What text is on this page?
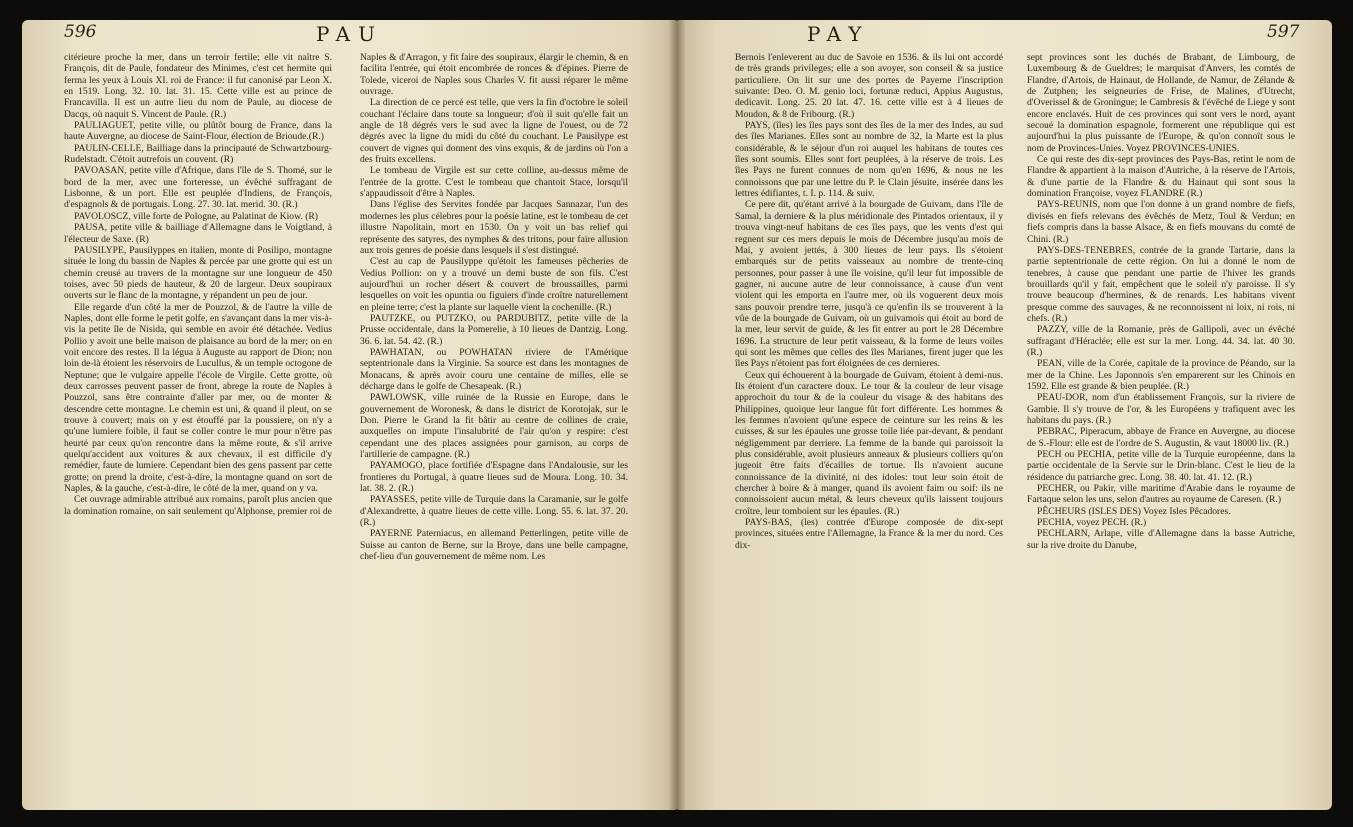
596	PAU	PAY	597

citérieure proche la mer, dans un terroir fertile; elle vit naître S. François, dit de Paule, fondateur des Minimes, c'est cet hermite qui ferma les yeux à Louis XI. roi de France: il fut canonisé par Leon X. en 1519. Long. 32. 10. lat. 31. 15. Cette ville est au prince de Francavilla. Il est un autre lieu du nom de Paule, au diocese de Dacqs, où naquit S. Vincent de Paule. (R.)

PAULIAGUET, petite ville, ou plûtôt bourg de France, dans la haute Auvergne, au diocese de Saint-Flour, élection de Brioude.(R.)

PAULIN-CELLE, Bailliage dans la principauté de Schwartzbourg-Rudelstadt. C'étoit autrefois un couvent. (R)

PAVOASAN, petite ville d'Afrique, dans l'île de S. Thomé, sur le bord de la mer, avec une forteresse, un évêché suffragant de Lisbonne, & un port. Elle est peuplée d'Indiens, de François, d'espagnols & de portugais. Long. 27. 30. lat. merid. 30. (R.)

PAVOLOSCZ, ville forte de Pologne, au Palatinat de Kiow. (R)

PAUSA, petite ville & bailliage d'Allemagne dans le Voigtland, à l'électeur de Saxe. (R)

PAUSILYPE, Pausilyppes en italien, monte di Posilipo, montagne située le long du bassin de Naples & percée par une grotte qui est un chemin creusé au travers de la montagne sur une longueur de 450 toises, avec 50 pieds de hauteur, & 20 de largeur. Deux soupiraux ouverts sur le flanc de la montagne, y répandent un peu de jour.

Elle regarde d'un côté la mer de Pouzzol, & de l'autre la ville de Naples, dont elle forme le petit golfe, en s'avançant dans la mer vis-à-vis la petite île de Nisida, qui semble en avoir été détachée. Vedius Pollio y avoit une belle maison de plaisance au bord de la mer; on en voit encore des restes. Il la légua à Auguste au rapport de Dion; non loin de-là étoient les réservoirs de Lucullus, & un temple octogone de Neptune; que le vulgaire appelle l'école de Virgile. Cette grotte, où deux carrosses peuvent passer de front, abrege la route de Naples à Pouzzol, sans être contrainte d'aller par mer, ou de monter & descendre cette montagne. Le chemin est uni, & quand il pleut, on se trouve à couvert; mais on y est étouffé par la poussiere, on n'y a qu'une lumiere foible, il faut se coller contre le mur pour n'être pas heurté par ceux qu'on rencontre dans la même route, & s'il arrive quelqu'accident aux voitures & aux chevaux, il est difficile d'y remédier, faute de lumiere. Cependant bien des gens passent par cette grotte; on prend la droite, c'est-à-dire, la montagne quand on sort de Naples, & la gauche, c'est-à-dire, le côté de la mer, quand on y va.

Cet ouvrage admirable attribué aux romains, paroît plus ancien que la domination romaine, on sait seulement qu'Alphonse, premier roi de

Naples & d'Arragon, y fit faire des soupiraux, élargir le chemin, & en facilita l'entrée, qui étoit encombrée de ronces & d'épines. Pierre de Tolede, viceroi de Naples sous Charles V. fit aussi réparer le même ouvrage.

La direction de ce percé est telle, que vers la fin d'octobre le soleil couchant l'éclaire dans toute sa longueur; d'où il suit qu'elle fait un angle de 18 dégrés vers le sud avec la ligne de l'ouest, ou de 72 dégrés avec la ligne du midi du côté du couchant. Le Pausilype est couvert de vignes qui donnent des vins exquis, & de jardins où l'on a des fruits excellens.

Le tombeau de Virgile est sur cette colline, au-dessus même de l'entrée de la grotte. C'est le tombeau que chantoit Stace, lorsqu'il s'appaudissoit d'être à Naples.

Dans l'église des Servites fondée par Jacques Sannazar, l'un des modernes les plus célebres pour la poésie latine, est le tombeau de cet illustre Napolitain, mort en 1530. On y voit un bas relief qui représente des satyres, des nymphes & des tritons, pour faire allusion aux trois genres de poésie dans lesquels il s'est distingué.

C'est au cap de Pausilyppe qu'étoit les fameuses pêcheries de Vedius Pollion: on y a trouvé un demi buste de son fils. C'est aujourd'hui un rocher désert & couvert de broussailles, parmi lesquelles on voit les opuntia ou figuiers d'inde croître naturellement en pleine terre; c'est la plante sur laquelle vient la cochenille. (R.)

PAUTZKE, ou PUTZKO, ou PARDUBITZ, petite ville de la Prusse occidentale, dans la Pomerelie, à 10 lieues de Dantzig. Long. 36. 6. lat. 54. 42. (R.)

PAWHATAN, ou POWHATAN riviere de l'Amérique septentrionale dans la Virginie. Sa source est dans les montagnes de Monacans, & après avoir couru une centaine de milles, elle se décharge dans le golfe de Chesapeak. (R.)

PAWLOWSK, ville ruinée de la Russie en Europe, dans le gouvernement de Woronesk, & dans le district de Korotojak, sur le Don. Pierre le Grand la fit bâtir au centre de collines de craie, auxquelles on impute l'insalubrité de l'air qu'on y respire: c'est cependant une des places assignées pour garnison, au corps de l'artillerie de campagne. (R.)

PAYAMOGO, place fortifiée d'Espagne dans l'Andalousie, sur les frontieres du Portugal, à quatre lieues sud de Moura. Long. 10. 34. lat. 38. 2. (R.)

PAYASSES, petite ville de Turquie dans la Caramanie, sur le golfe d'Alexandrette, à quatre lieues de cette ville. Long. 55. 6. lat. 37. 20. (R.)

PAYERNE Paterniacus, en allemand Petterlingen, petite ville de Suisse au canton de Berne, sur la Broye, dans une belle campagne, chef-lieu d'un gouvernement de même nom. Les

Bernois l'enleverent au duc de Savoie en 1536. & ils lui ont accordé de très grands privileges; elle a son avoyer, son conseil & sa justice particuliere. On lit sur une des portes de Payerne l'inscription suivante: Deo. O. M. genio loci, fortunæ reduci, Appius Augustus, dedicavit. Long. 25. 20 lat. 47. 16. cette ville est à 4 lieues de Moudon, & 8 de Fribourg. (R.)

PAYS, (îles) les îles pays sont des îles de la mer des Indes, au sud des îles Marianes. Elles sont au nombre de 32, la Marte est la plus considérable, & le séjour d'un roi auquel les habitans de toutes ces îles sont soumis. Elles sont fort peuplées, à la réserve de trois. Les îles Pays ne furent connues de nom qu'en 1696, & nous ne les connoissons que par une lettre du P. le Clain jésuite, insérée dans les lettres édifiantes, t. I. p. 114. & suiv.

Ce pere dit, qu'étant arrivé à la bourgade de Guivam, dans l'île de Samal, la derniere & la plus méridionale des Pintados orientaux, il y trouva vingt-neuf habitans de ces îles pays, que les vents d'est qui regnent sur ces mers depuis le mois de Décembre jusqu'au mois de Mai, y avoient jettés, à 300 lieues de leur pays. Ils s'étoient embarqués sur de petits vaisseaux au nombre de trente-cinq personnes, pour passer à une île voisine, qu'il leur fut impossible de gagner, ni aucune autre de leur connoissance, à cause d'un vent violent qui les emporta en l'autre mer, où ils voguerent deux mois sans pouvoir prendre terre, jusqu'à ce qu'enfin ils se trouverent à la vûe de la bourgade de Guivam, où un guivamois qui étoit au bord de la mer, leur servit de guide, & les fit entrer au port le 28 Décembre 1696. La structure de leur petit vaisseau, & la forme de leurs voiles qui sont les mêmes que celles des îles Marianes, firent juger que les îles Pays n'étoient pas fort éloignées de ces dernieres.

Ceux qui échouerent à la bourgade de Guivam, étoient à demi-nus. Ils étoient d'un caractere doux. Le tour & la couleur de leur visage approchoit du tour & de la couleur du visage & des habitans des Philippines, quoique leur langue fût fort différente. Les hommes & les femmes n'avoient qu'une espece de ceinture sur les reins & les cuisses, & sur les épaules une grosse toile liée par-devant, & pendant négligemment par derriere. La femme de la bande qui paroissoit la plus considérable, avoit plusieurs anneaux & plusieurs colliers qu'on jugeoit être faits d'écailles de tortue. Ils n'avoient aucune connoissance de la divinité, ni des idoles: tout leur soin étoit de chercher à boire & à manger, quand ils avoient faim ou soif: ils ne connoissoient aucun métal, & leurs cheveux qu'ils laissent toujours croître, leur tomboient sur les épaules. (R.)

PAYS-BAS, (les) contrée d'Europe composée de dix-sept provinces, situées entre l'Allemagne, la France & la mer du nord. Ces dix-

sept provinces sont les duchés de Brabant, de Limbourg, de Luxembourg & de Gueldres; le marquisat d'Anvers, les comtés de Flandre, d'Artois, de Hainaut, de Hollande, de Namur, de Zélande & de Zutphen; les seigneuries de Frise, de Malines, d'Utrecht, d'Overissel & de Groningue; le Cambresis & l'évêché de Liege y sont encore enclavés. Huit de ces provinces qui sont vers le nord, ayant secoué la domination espagnole, formerent une république qui est aujourd'hui la plus puissante de l'Europe, & qu'on connoît sous le nom de Provinces-Unies. Voyez PROVINCES-UNIES.

Ce qui reste des dix-sept provinces des Pays-Bas, retint le nom de Flandre & appartient à la maison d'Autriche, à la réserve de l'Artois, & d'une partie de la Flandre & du Hainaut qui sont sous la domination Françoise, voyez FLANDRE (R.)

PAYS-REUNIS, nom que l'on donne à un grand nombre de fiefs, divisés en fiefs relevans des évêchés de Metz, Toul & Verdun; en fiefs compris dans la basse Alsace, & en fiefs mouvans du comté de Chini. (R.)

PAYS-DES-TENEBRES, contrée de la grande Tartarie, dans la partie septentrionale de cette région. On lui a donné le nom de tenebres, à cause que pendant une partie de l'hiver les grands brouillards qu'il y fait, empêchent que le soleil n'y paroisse. Il s'y trouve beaucoup d'hermines, & de renards. Les habitans vivent presque comme des sauvages, & ne reconnoissent ni loix, ni rois, ni chefs. (R.)

PAZZY, ville de la Romanie, près de Gallipoli, avec un évêché suffragant d'Héraclée; elle est sur la mer. Long. 44. 34. lat. 40 30. (R.)

PEAN, ville de la Corée, capitale de la province de Péando, sur la mer de la Chine. Les Japonnois s'en emparerent sur les Chinois en 1592. Elle est grande & bien peuplée. (R.)

PEAU-DOR, nom d'un établissement François, sur la riviere de Gambie. Il s'y trouve de l'or, & les Européens y trafiquent avec les habitans du pays. (R.)

PEBRAC, Piperacum, abbaye de France en Auvergne, au diocese de S.-Flour: elle est de l'ordre de S. Augustin, & vaut 18000 liv. (R.)

PECH ou PECHIA, petite ville de la Turquie européenne, dans la partie occidentale de la Servie sur le Drin-blanc. C'est le lieu de la résidence du patriarche grec. Long. 38. 40. lat. 41. 12. (R.)

PECHER, ou Pakir, ville maritime d'Arabie dans le royaume de Fartaque selon les uns, selon d'autres au royaume de Caresen. (R.)

PÊCHEURS (ISLES DES) Voyez Isles Pêcadores.

PECHIA, voyez PECH. (R.)

PECHLARN, Arlape, ville d'Allemagne dans la basse Autriche, sur la rive droite du Danube,
